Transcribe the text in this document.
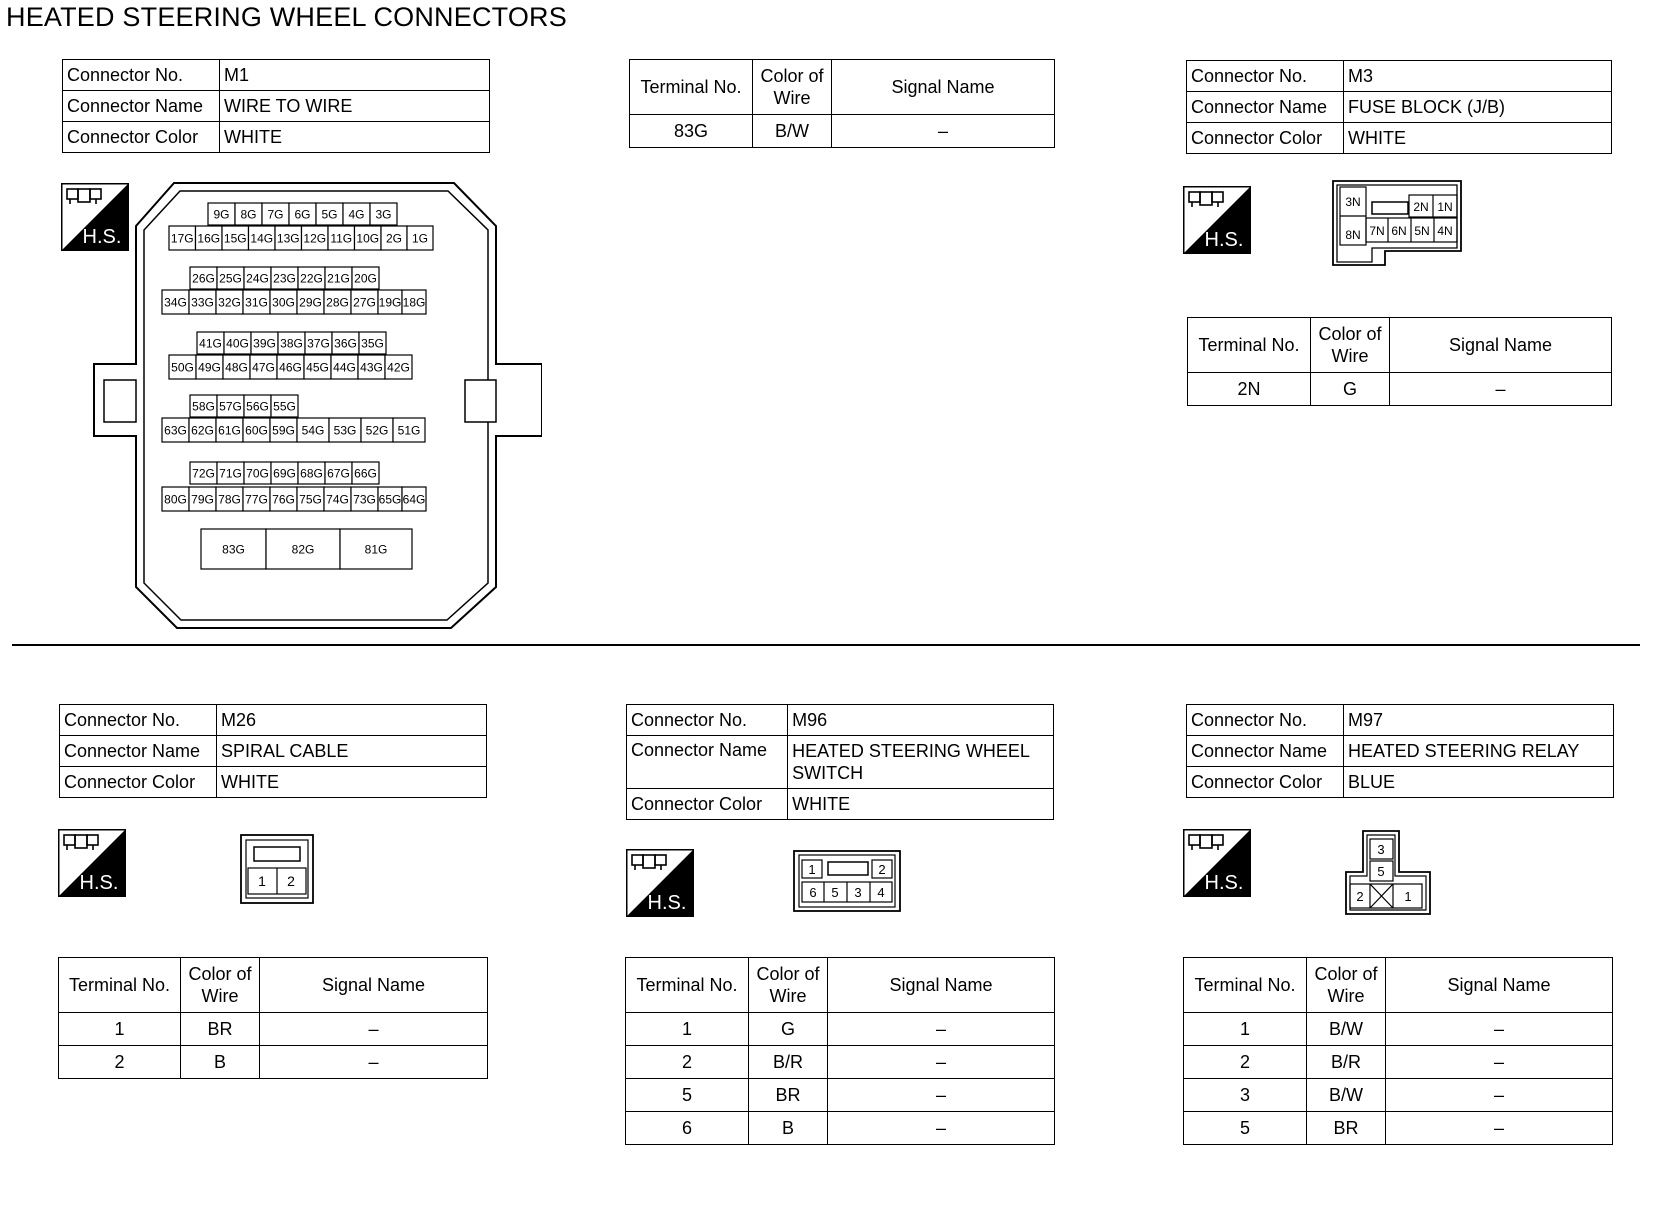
HEATED STEERING WHEEL CONNECTORS
Connector No.	M1
Connector Name	WIRE TO WIRE
Connector Color	WHITE
Terminal No.	Color of Wire	Signal Name
83G	B/W	–
H.S.
9G 8G 7G 6G 5G 4G 3G
17G 16G 15G 14G 13G 12G 11G 10G 2G 1G
26G 25G 24G 23G 22G 21G 20G
34G 33G 32G 31G 30G 29G 28G 27G 19G 18G
41G 40G 39G 38G 37G 36G 35G
50G 49G 48G 47G 46G 45G 44G 43G 42G
58G 57G 56G 55G
63G 62G 61G 60G 59G 54G 53G 52G 51G
72G 71G 70G 69G 68G 67G 66G
80G 79G 78G 77G 76G 75G 74G 73G 65G 64G
83G	82G	81G
Connector No.	M3
Connector Name	FUSE BLOCK (J/B)
Connector Color	WHITE
H.S.
3N
8N
2N 1N
7N 6N 5N 4N
Terminal No.	Color of Wire	Signal Name
2N	G	–
Connector No.	M26
Connector Name	SPIRAL CABLE
Connector Color	WHITE
H.S.	1 2
Terminal No.	Color of Wire	Signal Name
1	BR	–
2	B	–
Connector No.	M96
Connector Name	HEATED STEERING WHEEL SWITCH
Connector Color	WHITE
H.S.
1	2
6 5 3 4
Terminal No.	Color of Wire	Signal Name
1	G	–
2	B/R	–
5	BR	–
6	B	–
Connector No.	M97
Connector Name	HEATED STEERING RELAY
Connector Color	BLUE
H.S.
3
5
2	1
Terminal No.	Color of Wire	Signal Name
1	B/W	–
2	B/R	–
3	B/W	–
5	BR	–
